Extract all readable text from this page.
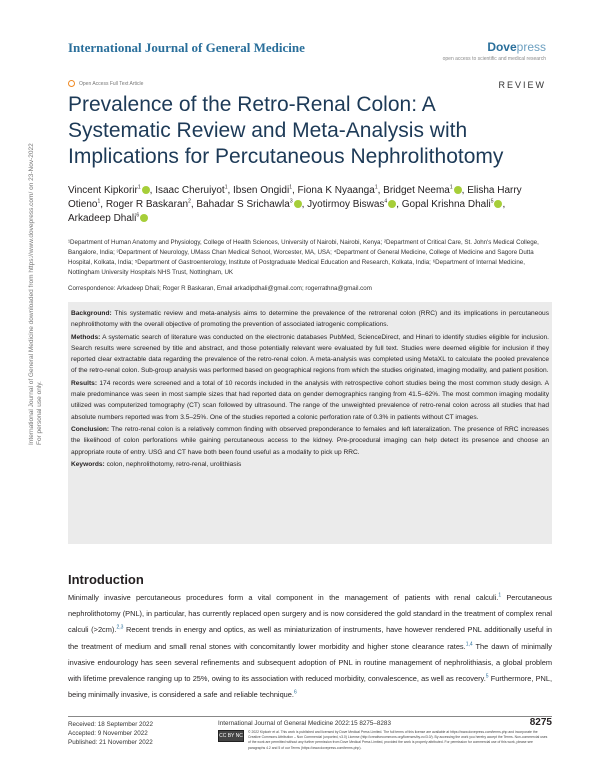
International Journal of General Medicine	Dovepress
open access to scientific and medical research
Open Access Full Text Article	REVIEW
Prevalence of the Retro-Renal Colon: A Systematic Review and Meta-Analysis with Implications for Percutaneous Nephrolithotomy
Vincent Kipkorir$^1$ , Isaac Cheruiyot$^1$, Ibsen Ongidi$^1$, Fiona K Nyaanga$^1$, Bridget Neema$^1$ , Elisha Harry Otieno$^1$, Roger R Baskaran$^2$, Bahadar S Srichawla$^3$ , Jyotirmoy Biswas$^4$ , Gopal Krishna Dhali$^5$ , Arkadeep Dhali$^6$
¹Department of Human Anatomy and Physiology, College of Health Sciences, University of Nairobi, Nairobi, Kenya; ²Department of Critical Care, St. John's Medical College, Bangalore, India; ³Department of Neurology, UMass Chan Medical School, Worcester, MA, USA; ⁴Department of General Medicine, College of Medicine and Sagore Dutta Hospital, Kolkata, India; ⁵Department of Gastroenterology, Institute of Postgraduate Medical Education and Research, Kolkata, India; ⁶Department of Internal Medicine, Nottingham University Hospitals NHS Trust, Nottingham, UK
Correspondence: Arkadeep Dhali; Roger R Baskaran, Email arkadipdhali@gmail.com; rogerrathna@gmail.com

Background: This systematic review and meta-analysis aims to determine the prevalence of the retrorenal colon (RRC) and its implications in percutaneous nephrolithotomy with the overall objective of promoting the prevention of associated iatrogenic complications.

Methods: A systematic search of literature was conducted on the electronic databases PubMed, ScienceDirect, and Hinari to identify studies eligible for inclusion. Search results were screened by title and abstract, and those potentially relevant were evaluated by full text. Studies were deemed eligible for inclusion if they reported clear extractable data regarding the prevalence of the retro-renal colon. A meta-analysis was completed using MetaXL to calculate the pooled prevalence of the retro-renal colon. Sub-group analysis was performed based on geographical regions from which the studies originated, imaging modality, and patient position.

Results: 174 records were screened and a total of 10 records included in the analysis with retrospective cohort studies being the most common study design. A male predominance was seen in most sample sizes that had reported data on gender demographics ranging from 41.5–62%. The most common imaging modality utilized was computerized tomography (CT) scan followed by ultrasound. The range of the unweighted prevalence of retro-renal colon across all studies that had absolute numbers reported was from 3.5–25%. One of the studies reported a colonic perforation rate of 0.3% in patients without CT images.

Conclusion: The retro-renal colon is a relatively common finding with observed preponderance to females and left lateralization. The presence of RRC increases the likelihood of colon perforations while gaining percutaneous access to the kidney. Pre-procedural imaging can help detect its presence and choose an appropriate route of entry. USG and CT have both been found useful as a modality to pick up RRC.

Keywords: colon, nephrolithotomy, retro-renal, urolithiasis

Introduction

Minimally invasive percutaneous procedures form a vital component in the management of patients with renal calculi.$^1$ Percutaneous nephrolithotomy (PNL), in particular, has currently replaced open surgery and is now considered the gold standard in the treatment of complex renal calculi (>2cm).$^{2,3}$ Recent trends in energy and optics, as well as miniaturization of instruments, have however rendered PNL additionally useful in the treatment of medium and small renal stones with concomitantly lower morbidity and higher stone clearance rates.$^{1,4}$ The dawn of minimally invasive endourology has seen several refinements and subsequent adoption of PNL in routine management of nephrolithiasis, a global problem with lifetime prevalence ranging up to 25%, owing to its association with reduced morbidity, convalescence, as well as recovery.$^5$ Furthermore, PNL, being minimally invasive, is considered a safe and reliable technique.$^6$

International Journal of General Medicine downloaded from https://www.dovepress.com/ on 23-Nov-2022 For personal use only.
Received: 18 September 2022
Accepted: 9 November 2022
Published: 21 November 2022
International Journal of General Medicine 2022:15 8275–8283	8275
CC BY NC
© 2022 Kipkorir et al. This work is published and licensed by Dove Medical Press Limited. The full terms of this license are available at https://www.dovepress.com/terms.php and incorporate the Creative Commons Attribution – Non Commercial (unported, v3.0) License (http://creativecommons.org/licenses/by-nc/3.0/). By accessing the work you hereby accept the Terms. Non-commercial uses of the work are permitted without any further permission from Dove Medical Press Limited, provided the work is properly attributed. For permission for commercial use of this work, please see paragraphs 4.2 and 5 of our Terms (https://www.dovepress.com/terms.php).
